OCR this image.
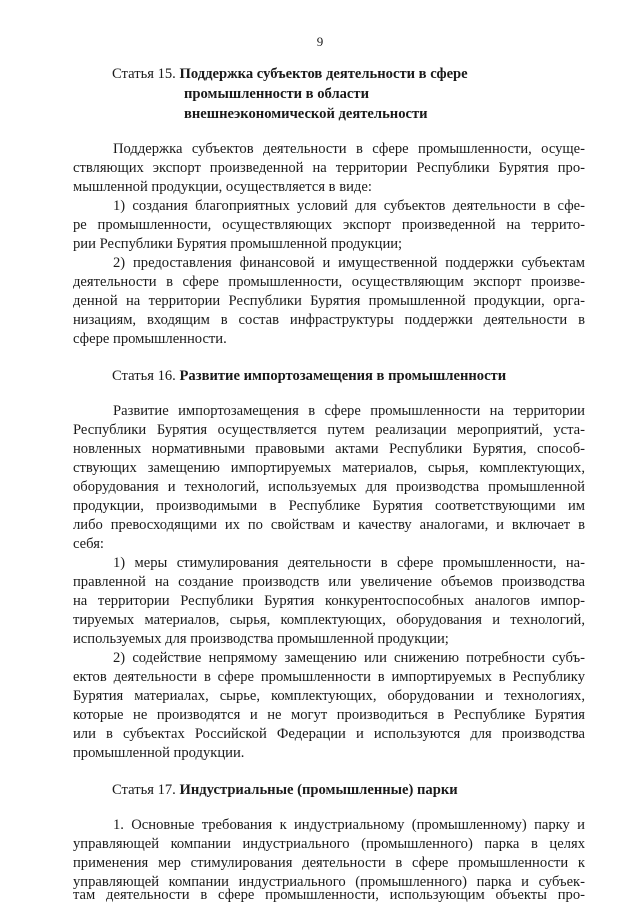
9
Статья 15. Поддержка субъектов деятельности в сфере
промышленности в области
внешнеэкономической деятельности
Поддержка субъектов деятельности в сфере промышленности, осуще-
ствляющих экспорт произведенной на территории Республики Бурятия про-
мышленной продукции, осуществляется в виде:
1) создания благоприятных условий для субъектов деятельности в сфе-
ре промышленности, осуществляющих экспорт произведенной на террито-
рии Республики Бурятия промышленной продукции;
2) предоставления финансовой и имущественной поддержки субъектам
деятельности в сфере промышленности, осуществляющим экспорт произве-
денной на территории Республики Бурятия промышленной продукции, орга-
низациям, входящим в состав инфраструктуры поддержки деятельности в
сфере промышленности.
Статья 16. Развитие импортозамещения в промышленности
Развитие импортозамещения в сфере промышленности на территории
Республики Бурятия осуществляется путем реализации мероприятий, уста-
новленных нормативными правовыми актами Республики Бурятия, способ-
ствующих замещению импортируемых материалов, сырья, комплектующих,
оборудования и технологий, используемых для производства промышленной
продукции, производимыми в Республике Бурятия соответствующими им
либо превосходящими их по свойствам и качеству аналогами, и включает в
себя:
1) меры стимулирования деятельности в сфере промышленности, на-
правленной на создание производств или увеличение объемов производства
на территории Республики Бурятия конкурентоспособных аналогов импор-
тируемых материалов, сырья, комплектующих, оборудования и технологий,
используемых для производства промышленной продукции;
2) содействие непрямому замещению или снижению потребности субъ-
ектов деятельности в сфере промышленности в импортируемых в Республику
Бурятия материалах, сырье, комплектующих, оборудовании и технологиях,
которые не производятся и не могут производиться в Республике Бурятия
или в субъектах Российской Федерации и используются для производства
промышленной продукции.
Статья 17. Индустриальные (промышленные) парки
1. Основные требования к индустриальному (промышленному) парку и
управляющей компании индустриального (промышленного) парка в целях
применения мер стимулирования деятельности в сфере промышленности к
управляющей компании индустриального (промышленного) парка и субъек-
там деятельности в сфере промышленности, использующим объекты про-
